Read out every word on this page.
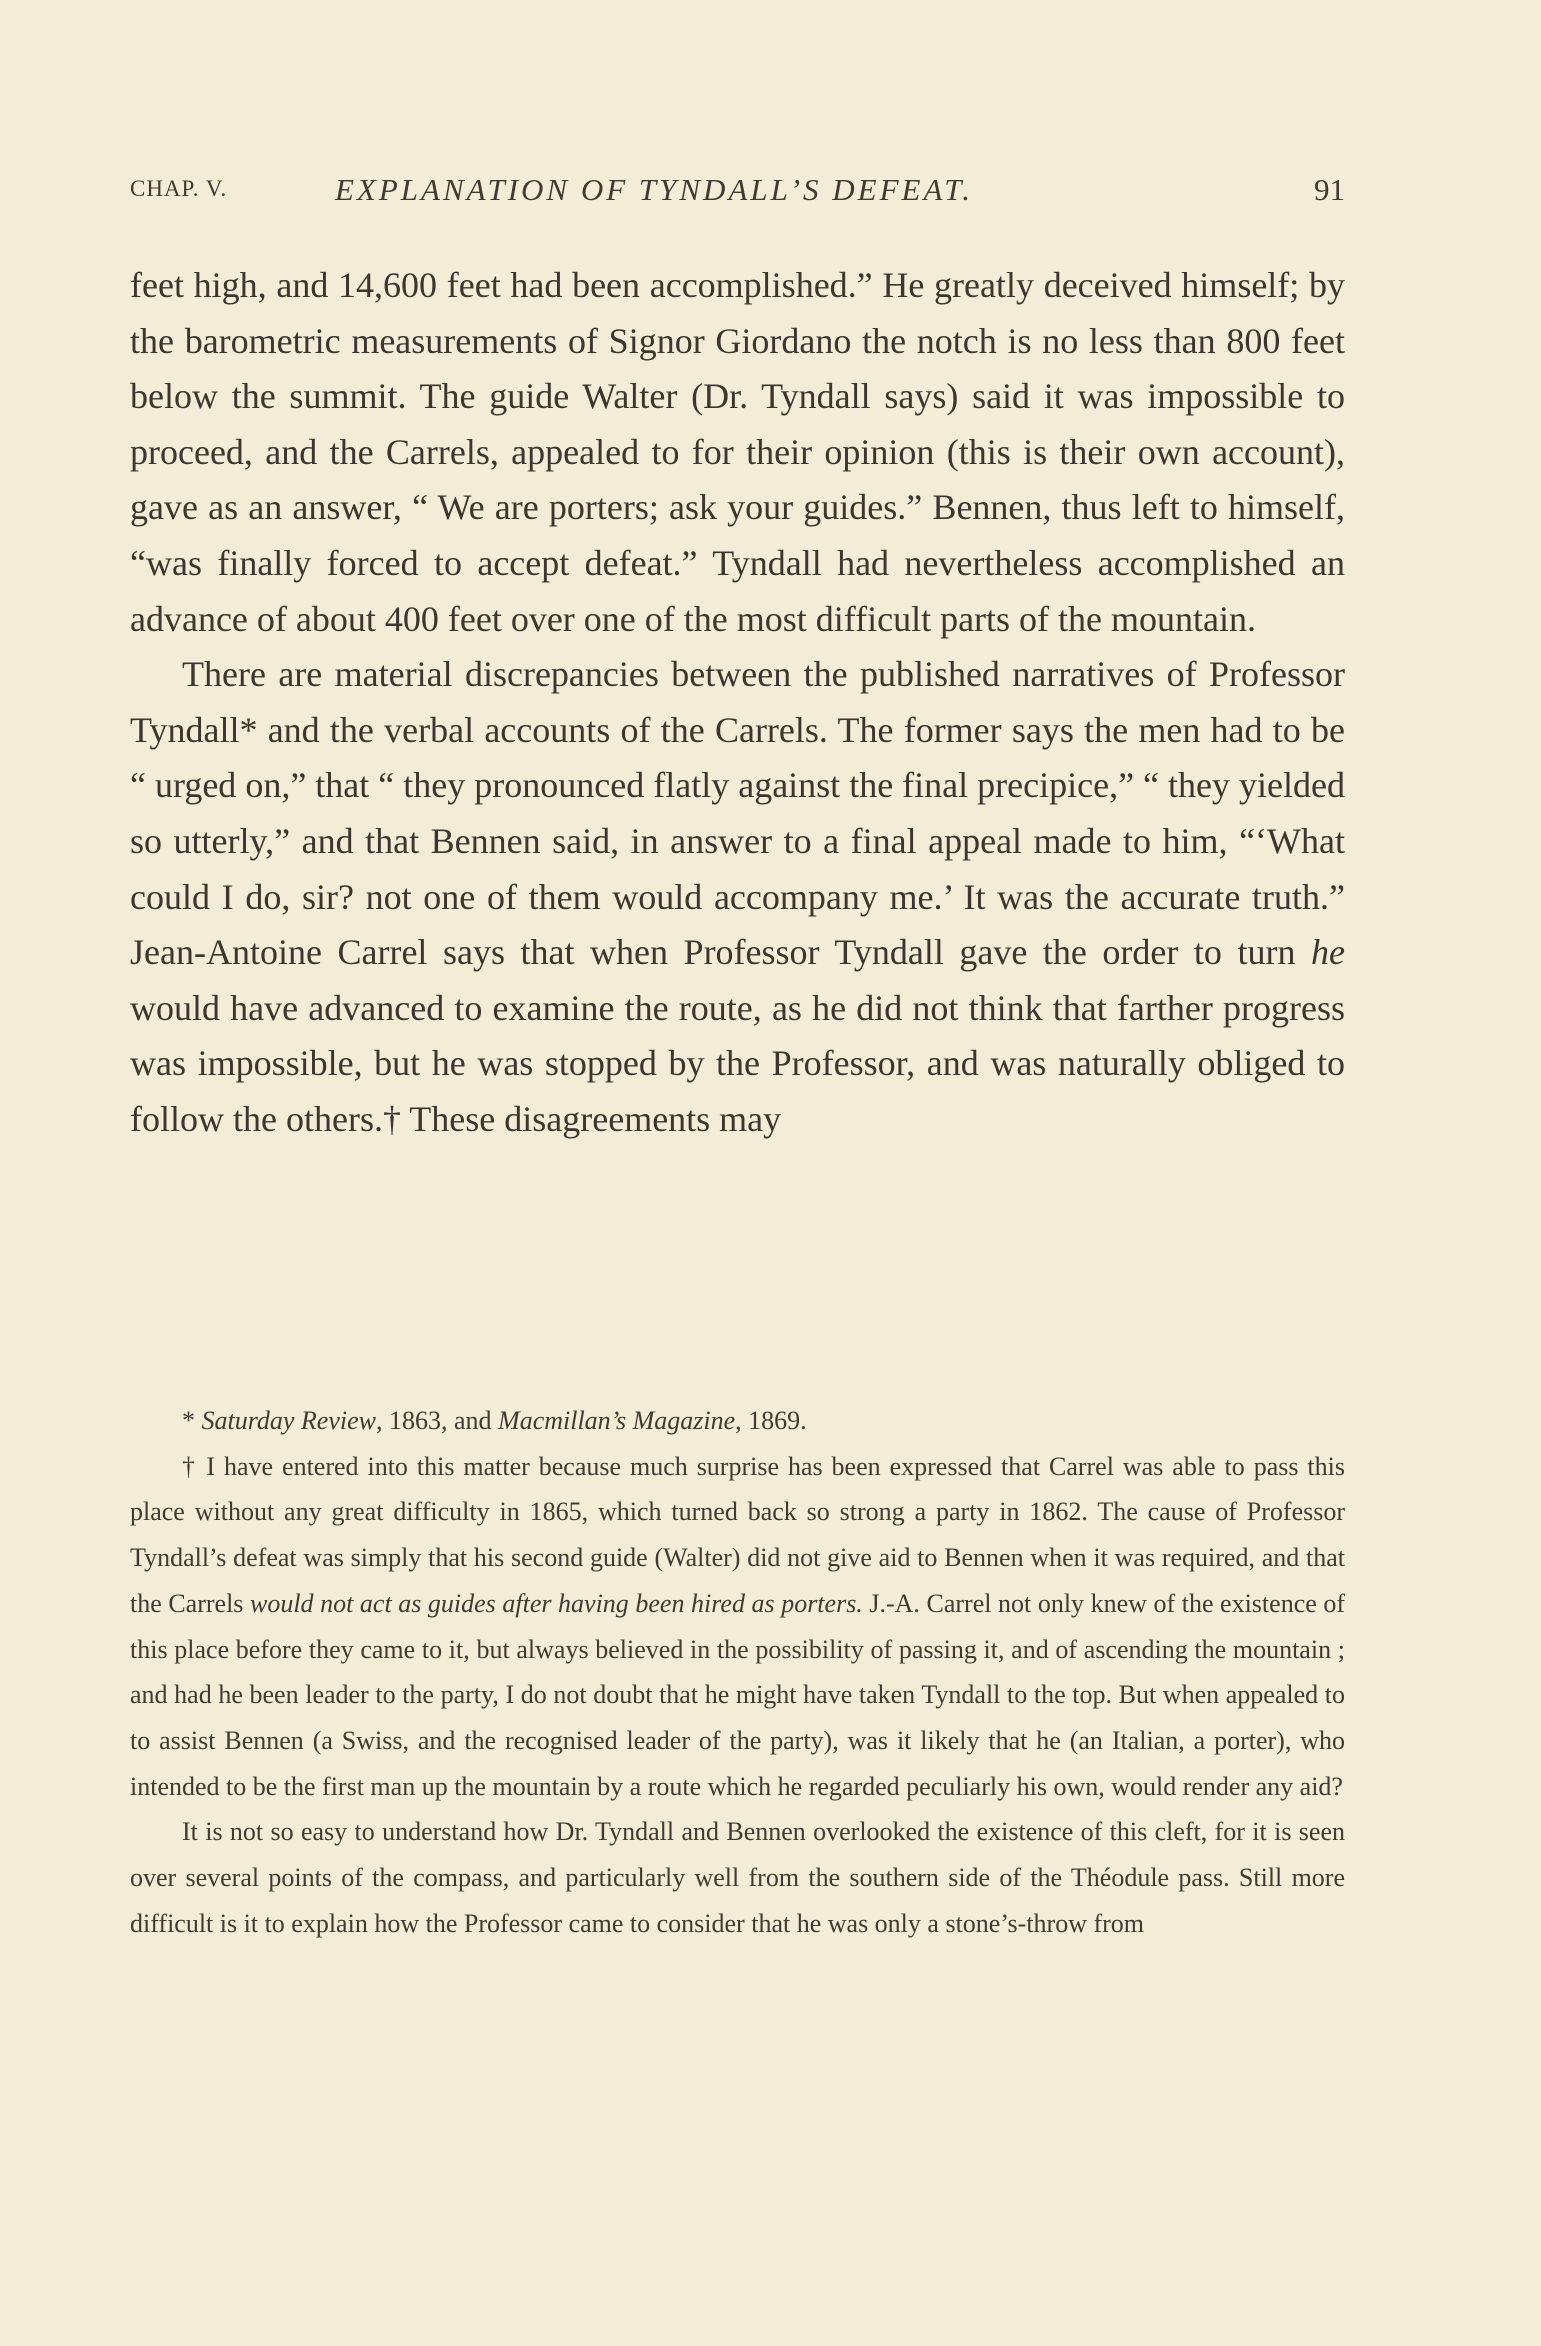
CHAP. V.	EXPLANATION OF TYNDALL’S DEFEAT.	91

feet high, and 14,600 feet had been accomplished.” He greatly deceived himself; by the barometric measurements of Signor Giordano the notch is no less than 800 feet below the summit. The guide Walter (Dr. Tyndall says) said it was impossible to proceed, and the Carrels, appealed to for their opinion (this is their own account), gave as an answer, “ We are porters; ask your guides.” Bennen, thus left to himself, “was finally forced to accept defeat.” Tyndall had nevertheless accomplished an advance of about 400 feet over one of the most difficult parts of the mountain.

There are material discrepancies between the published narratives of Professor Tyndall* and the verbal accounts of the Carrels. The former says the men had to be “ urged on,” that “ they pronounced flatly against the final precipice,” “ they yielded so utterly,” and that Bennen said, in answer to a final appeal made to him, “‘What could I do, sir? not one of them would accompany me.’ It was the accurate truth.” Jean-Antoine Carrel says that when Professor Tyndall gave the order to turn he would have advanced to examine the route, as he did not think that farther progress was impossible, but he was stopped by the Professor, and was naturally obliged to follow the others.† These disagreements may

* Saturday Review, 1863, and Macmillan’s Magazine, 1869.

† I have entered into this matter because much surprise has been expressed that Carrel was able to pass this place without any great difficulty in 1865, which turned back so strong a party in 1862. The cause of Professor Tyndall’s defeat was simply that his second guide (Walter) did not give aid to Bennen when it was required, and that the Carrels would not act as guides after having been hired as porters. J.-A. Carrel not only knew of the existence of this place before they came to it, but always believed in the possibility of passing it, and of ascending the mountain ; and had he been leader to the party, I do not doubt that he might have taken Tyndall to the top. But when appealed to to assist Bennen (a Swiss, and the recognised leader of the party), was it likely that he (an Italian, a porter), who intended to be the first man up the mountain by a route which he regarded peculiarly his own, would render any aid?

It is not so easy to understand how Dr. Tyndall and Bennen overlooked the existence of this cleft, for it is seen over several points of the compass, and particularly well from the southern side of the Théodule pass. Still more difficult is it to explain how the Professor came to consider that he was only a stone’s-throw from
